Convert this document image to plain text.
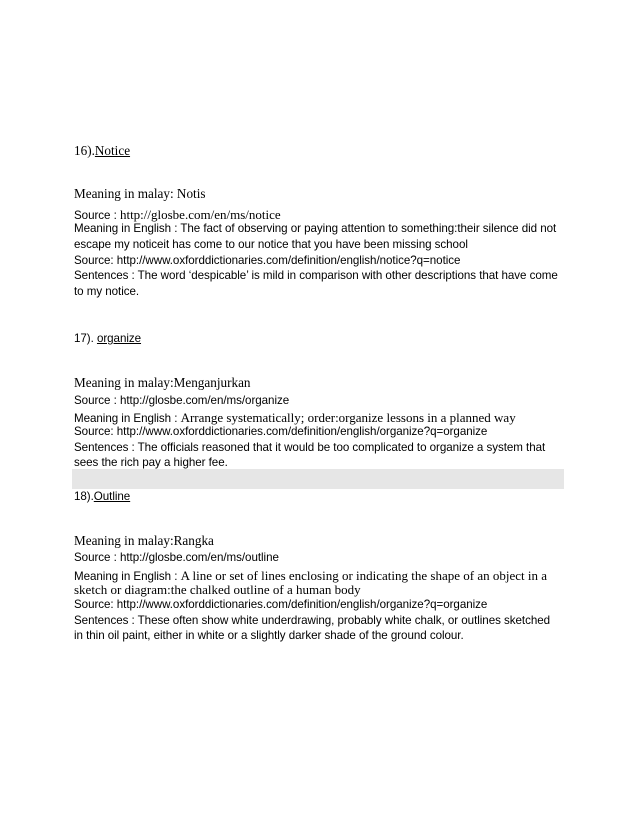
16).Notice
Meaning in malay: Notis
Source : http://glosbe.com/en/ms/notice
Meaning in English : The fact of observing or paying attention to something:their silence did not
escape my noticeit has come to our notice that you have been missing school
Source: http://www.oxforddictionaries.com/definition/english/notice?q=notice
Sentences : The word ‘despicable’ is mild in comparison with other descriptions that have come
to my notice.
17). organize
Meaning in malay:Menganjurkan
Source : http://glosbe.com/en/ms/organize
Meaning in English : Arrange systematically; order:organize lessons in a planned way
Source: http://www.oxforddictionaries.com/definition/english/organize?q=organize
Sentences : The officials reasoned that it would be too complicated to organize a system that
sees the rich pay a higher fee.
18).Outline
Meaning in malay:Rangka
Source : http://glosbe.com/en/ms/outline
Meaning in English : A line or set of lines enclosing or indicating the shape of an object in a
sketch or diagram:the chalked outline of a human body
Source: http://www.oxforddictionaries.com/definition/english/organize?q=organize
Sentences : These often show white underdrawing, probably white chalk, or outlines sketched
in thin oil paint, either in white or a slightly darker shade of the ground colour.
